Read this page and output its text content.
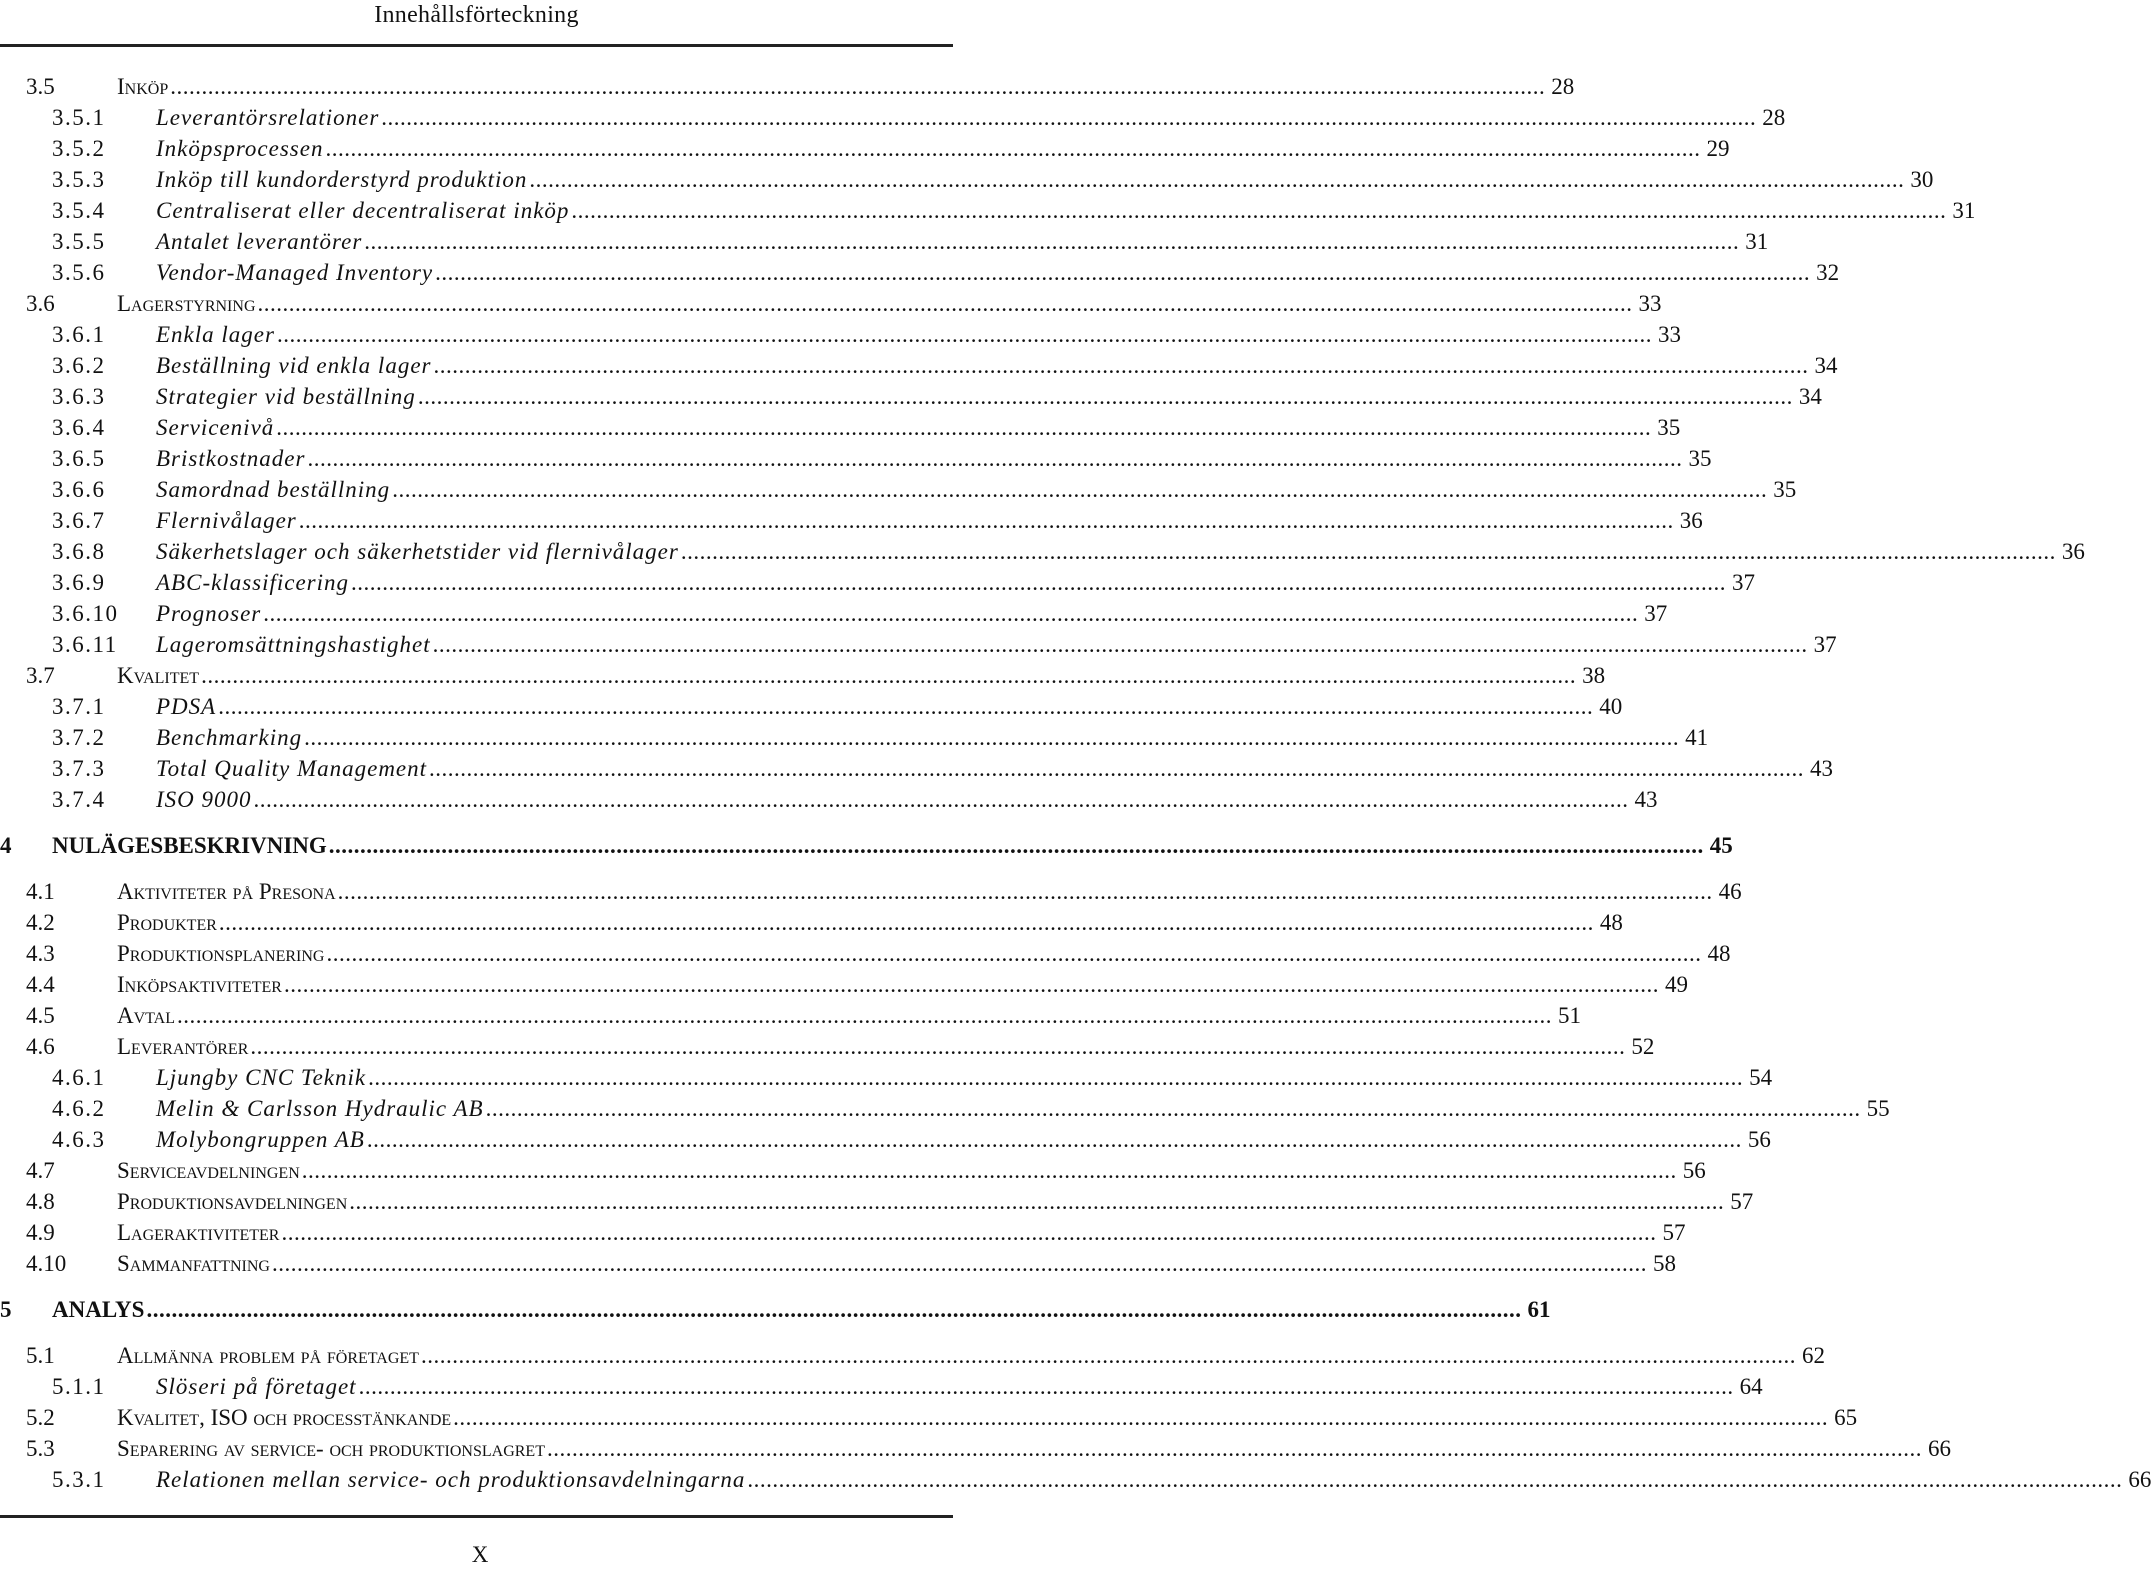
Innehållsförteckning
3.5	Inköp ............................................................................................................................................................................................................................ 28
3.5.1 Leverantörsrelationer ............................................................................................................................................................................................................................ 28
3.5.2 Inköpsprocessen ............................................................................................................................................................................................................................ 29
3.5.3 Inköp till kundorderstyrd produktion ............................................................................................................................................................................................................................ 30
3.5.4 Centraliserat eller decentraliserat inköp ............................................................................................................................................................................................................................ 31
3.5.5 Antalet leverantörer ............................................................................................................................................................................................................................ 31
3.5.6 Vendor-Managed Inventory ............................................................................................................................................................................................................................ 32
3.6	Lagerstyrning ............................................................................................................................................................................................................................ 33
3.6.1 Enkla lager ............................................................................................................................................................................................................................ 33
3.6.2 Beställning vid enkla lager ............................................................................................................................................................................................................................ 34
3.6.3 Strategier vid beställning ............................................................................................................................................................................................................................ 34
3.6.4 Servicenivå ............................................................................................................................................................................................................................ 35
3.6.5 Bristkostnader ............................................................................................................................................................................................................................ 35
3.6.6 Samordnad beställning ............................................................................................................................................................................................................................ 35
3.6.7 Flernivålager ............................................................................................................................................................................................................................ 36
3.6.8 Säkerhetslager och säkerhetstider vid flernivålager ............................................................................................................................................................................................................................ 36
3.6.9 ABC-klassificering ............................................................................................................................................................................................................................ 37
3.6.10 Prognoser ............................................................................................................................................................................................................................ 37
3.6.11 Lageromsättningshastighet ............................................................................................................................................................................................................................ 37
3.7	Kvalitet ............................................................................................................................................................................................................................ 38
3.7.1 PDSA ............................................................................................................................................................................................................................ 40
3.7.2 Benchmarking ............................................................................................................................................................................................................................ 41
3.7.3 Total Quality Management ............................................................................................................................................................................................................................ 43
3.7.4 ISO 9000 ............................................................................................................................................................................................................................ 43
4 NULÄGESBESKRIVNING ............................................................................................................................................................................................................................ 45
4.1	Aktiviteter på Presona ............................................................................................................................................................................................................................ 46
4.2	Produkter ............................................................................................................................................................................................................................ 48
4.3	Produktionsplanering ............................................................................................................................................................................................................................ 48
4.4	Inköpsaktiviteter ............................................................................................................................................................................................................................ 49
4.5	Avtal ............................................................................................................................................................................................................................ 51
4.6	Leverantörer ............................................................................................................................................................................................................................ 52
4.6.1 Ljungby CNC Teknik ............................................................................................................................................................................................................................ 54
4.6.2 Melin & Carlsson Hydraulic AB ............................................................................................................................................................................................................................ 55
4.6.3 Molybongruppen AB ............................................................................................................................................................................................................................ 56
4.7	Serviceavdelningen ............................................................................................................................................................................................................................ 56
4.8	Produktionsavdelningen ............................................................................................................................................................................................................................ 57
4.9	Lageraktiviteter ............................................................................................................................................................................................................................ 57
4.10 Sammanfattning ............................................................................................................................................................................................................................ 58
5 ANALYS ............................................................................................................................................................................................................................ 61
5.1	Allmänna problem på företaget ............................................................................................................................................................................................................................ 62
5.1.1 Slöseri på företaget ............................................................................................................................................................................................................................ 64
5.2	Kvalitet, ISO och processtänkande ............................................................................................................................................................................................................................ 65
5.3	Separering av service- och produktionslagret ............................................................................................................................................................................................................................ 66
5.3.1 Relationen mellan service- och produktionsavdelningarna ............................................................................................................................................................................................................................ 66
X
